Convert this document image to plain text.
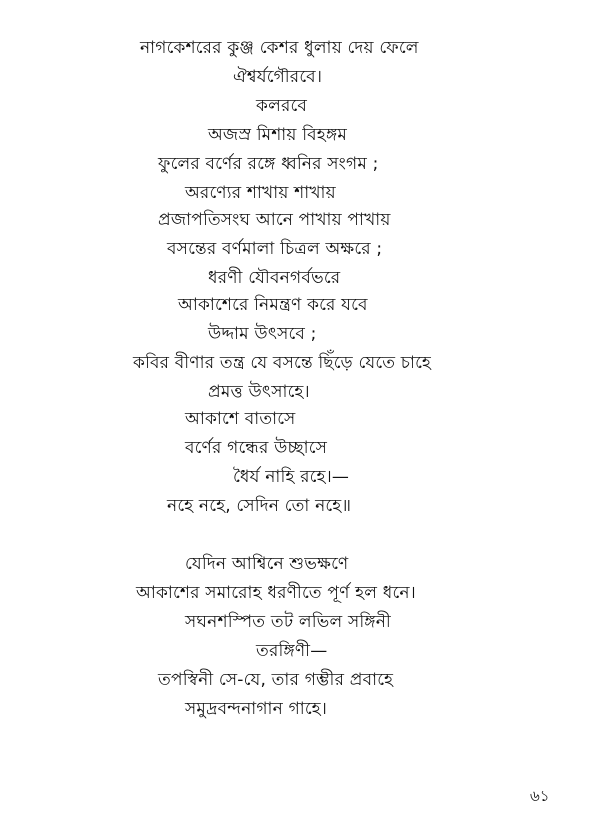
নাগকেশরের কুঞ্জ কেশর ধুলায় দেয় ফেলে
ঐশ্বর্যগৌরবে।
কলরবে
অজস্র মিশায় বিহঙ্গম
ফুলের বর্ণের রঙ্গে ধ্বনির সংগম ;
অরণ্যের শাখায় শাখায়
প্রজাপতিসংঘ আনে পাখায় পাখায়
বসন্তের বর্ণমালা চিত্রল অক্ষরে ;
ধরণী যৌবনগর্বভরে
আকাশেরে নিমন্ত্রণ করে যবে
উদ্দাম উৎসবে ;
কবির বীণার তন্ত্র যে বসন্তে ছিঁড়ে যেতে চাহে
প্রমত্ত উৎসাহে।
আকাশে বাতাসে
বর্ণের গন্ধের উচ্ছাসে
ধৈর্য নাহি রহে।—
নহে নহে, সেদিন তো নহে॥
যেদিন আশ্বিনে শুভক্ষণে
আকাশের সমারোহ ধরণীতে পূর্ণ হল ধনে।
সঘনশস্পিত তট লভিল সঙ্গিনী
তরঙ্গিণী—
তপস্বিনী সে-যে, তার গম্ভীর প্রবাহে
সমুদ্রবন্দনাগান গাহে।
৬১
